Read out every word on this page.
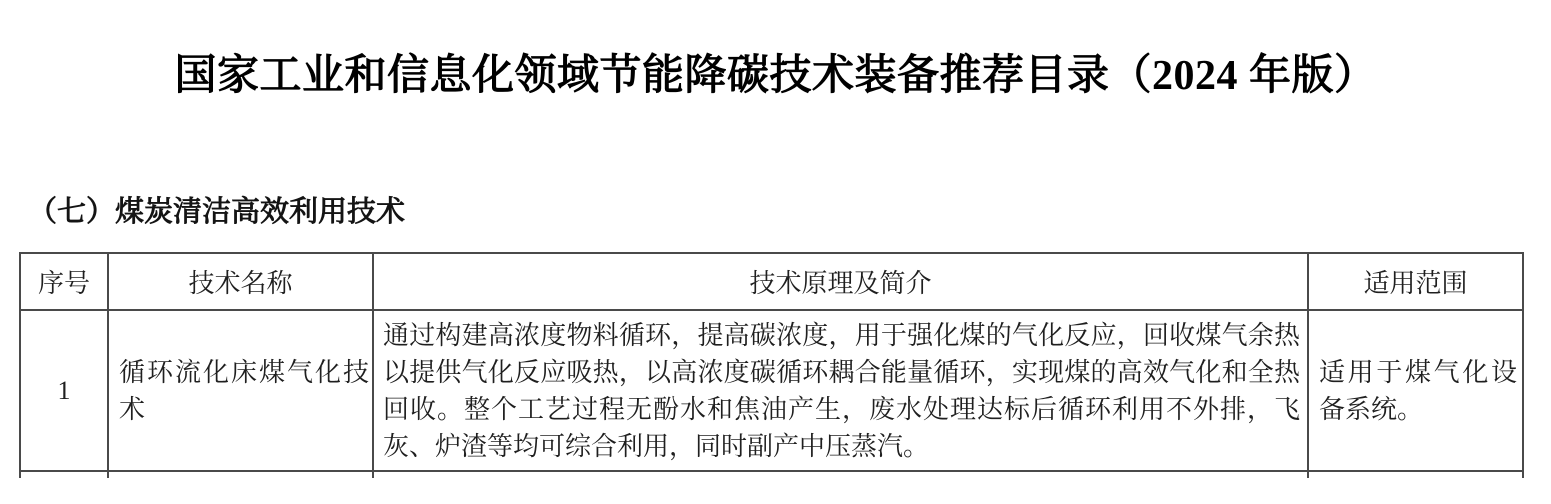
国家工业和信息化领域节能降碳技术装备推荐目录（2024 年版）
（七）煤炭清洁高效利用技术
序号	技术名称	技术原理及简介	适用范围
1	循环流化床煤气化技术	通过构建高浓度物料循环，提高碳浓度，用于强化煤的气化反应，回收煤气余热以提供气化反应吸热，以高浓度碳循环耦合能量循环，实现煤的高效气化和全热回收。整个工艺过程无酚水和焦油产生，废水处理达标后循环利用不外排，飞灰、炉渣等均可综合利用，同时副产中压蒸汽。	适用于煤气化设备系统。
